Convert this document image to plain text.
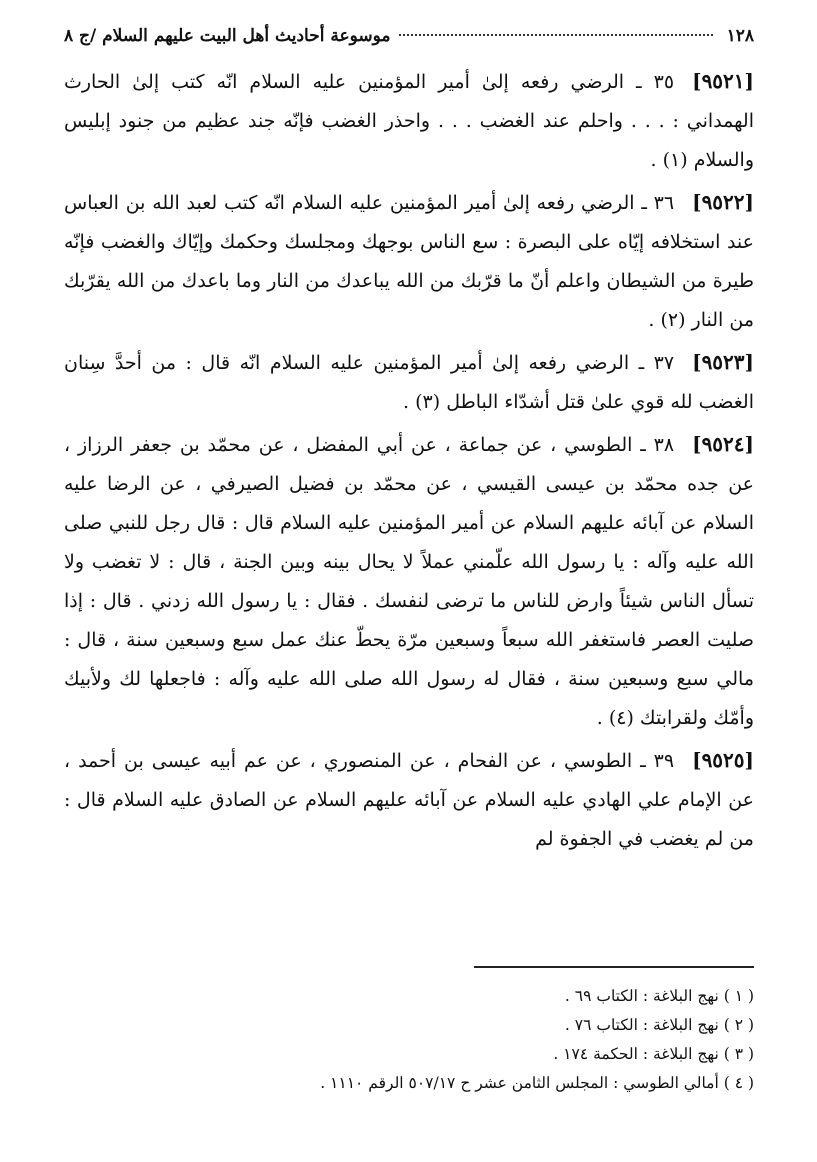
١٢٨
موسوعة أحاديث أهل البيت عليهم السلام /ج ٨

[٩٥٢١]٣٥ ـ الرضي رفعه إلىٰ أمير المؤمنين عليه السلام انّه كتب إلىٰ الحارث الهمداني : . . . واحلم عند الغضب . . . واحذر الغضب فإنّه جند عظيم من جنود إبليس والسلام (١) .

[٩٥٢٢]٣٦ ـ الرضي رفعه إلىٰ أمير المؤمنين عليه السلام انّه كتب لعبد الله بن العباس عند استخلافه إيّاه على البصرة : سع الناس بوجهك ومجلسك وحكمك وإيّاك والغضب فإنّه طيرة من الشيطان واعلم أنّ ما قرّبك من الله يباعدك من النار وما باعدك من الله يقرّبك من النار (٢) .

[٩٥٢٣]٣٧ ـ الرضي رفعه إلىٰ أمير المؤمنين عليه السلام انّه قال : من أحدَّ سِنان الغضب لله قوي علىٰ قتل أشدّاء الباطل (٣) .

[٩٥٢٤]٣٨ ـ الطوسي ، عن جماعة ، عن أبي المفضل ، عن محمّد بن جعفر الرزاز ، عن جده محمّد بن عيسى القيسي ، عن محمّد بن فضيل الصيرفي ، عن الرضا عليه السلام عن آبائه عليهم السلام عن أمير المؤمنين عليه السلام قال : قال رجل للنبي صلى الله عليه وآله : يا رسول الله علّمني عملاً لا يحال بينه وبين الجنة ، قال : لا تغضب ولا تسأل الناس شيئاً وارض للناس ما ترضى لنفسك . فقال : يا رسول الله زدني . قال : إذا صليت العصر فاستغفر الله سبعاً وسبعين مرّة يحطّ عنك عمل سبع وسبعين سنة ، قال : مالي سبع وسبعين سنة ، فقال له رسول الله صلى الله عليه وآله : فاجعلها لك ولأبيك وأمّك ولقرابتك (٤) .

[٩٥٢٥]٣٩ ـ الطوسي ، عن الفحام ، عن المنصوري ، عن عم أبيه عيسى بن أحمد ، عن الإمام علي الهادي عليه السلام عن آبائه عليهم السلام عن الصادق عليه السلام قال : من لم يغضب في الجفوة لم

( ١ ) نهج البلاغة : الكتاب ٦٩ .
( ٢ ) نهج البلاغة : الكتاب ٧٦ .
( ٣ ) نهج البلاغة : الحكمة ١٧٤ .
( ٤ ) أمالي الطوسي : المجلس الثامن عشر ح ٥٠٧/١٧ الرقم ١١١٠ .
